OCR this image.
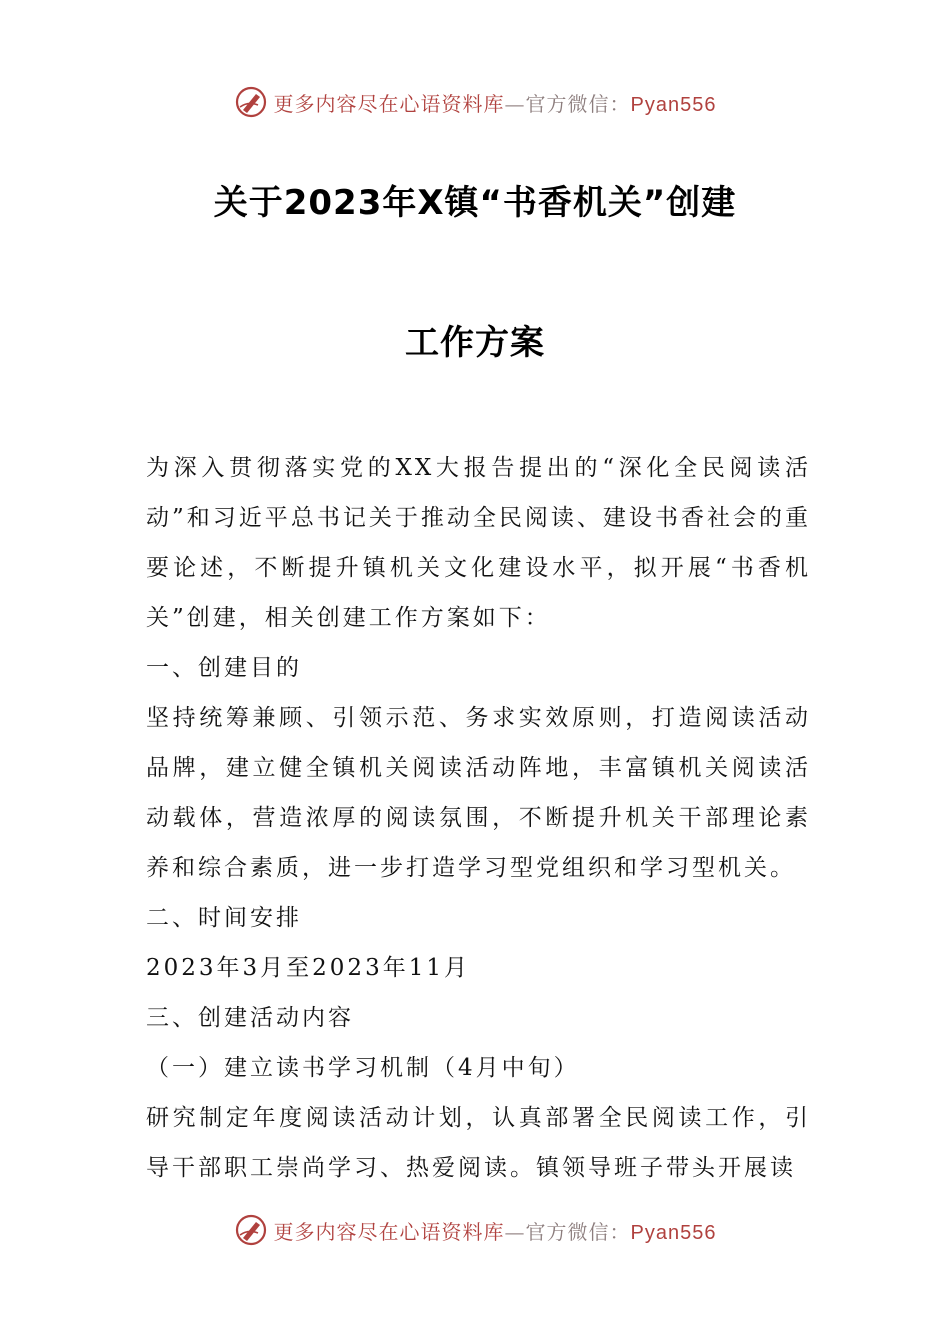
更多内容尽在心语资料库—官方微信：Pyan556
关于2023年X镇“书香机关”创建
工作方案

为深入贯彻落实党的XX大报告提出的“深化全民阅读活动”和习近平总书记关于推动全民阅读、建设书香社会的重要论述，不断提升镇机关文化建设水平，拟开展“书香机关”创建，相关创建工作方案如下：

一、创建目的

坚持统筹兼顾、引领示范、务求实效原则，打造阅读活动品牌，建立健全镇机关阅读活动阵地，丰富镇机关阅读活动载体，营造浓厚的阅读氛围，不断提升机关干部理论素养和综合素质，进一步打造学习型党组织和学习型机关。

二、时间安排

2023年3月至2023年11月

三、创建活动内容

（一）建立读书学习机制（4月中旬）

研究制定年度阅读活动计划，认真部署全民阅读工作，引导干部职工崇尚学习、热爱阅读。镇领导班子带头开展读

更多内容尽在心语资料库—官方微信：Pyan556
